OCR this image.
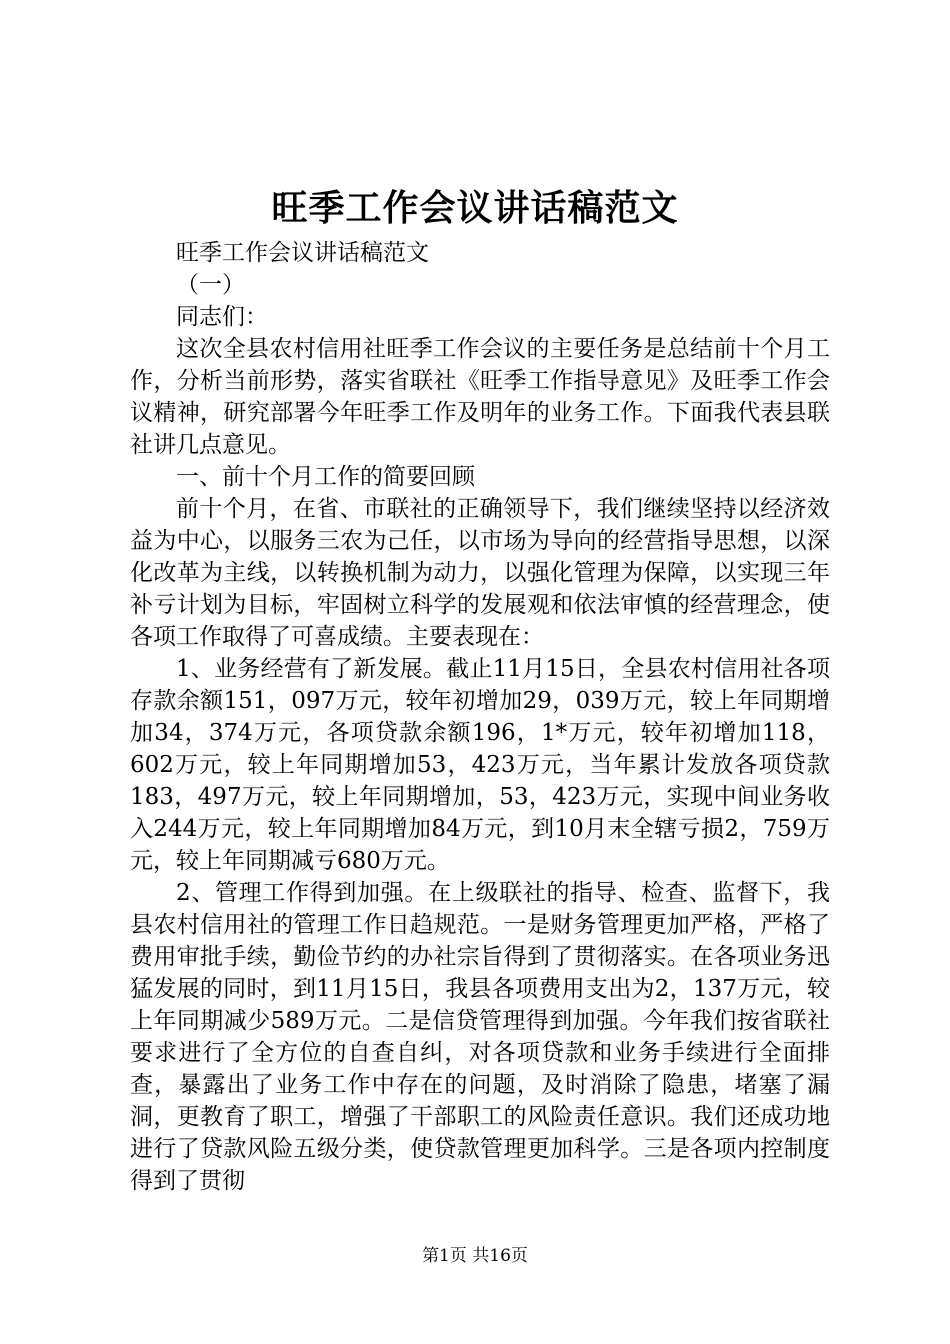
旺季工作会议讲话稿范文

旺季工作会议讲话稿范文

（一）

同志们：

这次全县农村信用社旺季工作会议的主要任务是总结前十个月工作，分析当前形势，落实省联社《旺季工作指导意见》及旺季工作会议精神，研究部署今年旺季工作及明年的业务工作。下面我代表县联社讲几点意见。

一、前十个月工作的简要回顾

前十个月，在省、市联社的正确领导下，我们继续坚持以经济效益为中心，以服务三农为己任，以市场为导向的经营指导思想，以深化改革为主线，以转换机制为动力，以强化管理为保障，以实现三年补亏计划为目标，牢固树立科学的发展观和依法审慎的经营理念，使各项工作取得了可喜成绩。主要表现在：

1、业务经营有了新发展。截止11月15日，全县农村信用社各项存款余额151，097万元，较年初增加29，039万元，较上年同期增加34，374万元，各项贷款余额196，1*万元，较年初增加118，602万元，较上年同期增加53，423万元，当年累计发放各项贷款183，497万元，较上年同期增加，53，423万元，实现中间业务收入244万元，较上年同期增加84万元，到10月末全辖亏损2，759万元，较上年同期减亏680万元。

2、管理工作得到加强。在上级联社的指导、检查、监督下，我县农村信用社的管理工作日趋规范。一是财务管理更加严格，严格了费用审批手续，勤俭节约的办社宗旨得到了贯彻落实。在各项业务迅猛发展的同时，到11月15日，我县各项费用支出为2，137万元，较上年同期减少589万元。二是信贷管理得到加强。今年我们按省联社要求进行了全方位的自查自纠，对各项贷款和业务手续进行全面排查，暴露出了业务工作中存在的问题，及时消除了隐患，堵塞了漏洞，更教育了职工，增强了干部职工的风险责任意识。我们还成功地进行了贷款风险五级分类，使贷款管理更加科学。三是各项内控制度得到了贯彻

第1页 共16页
